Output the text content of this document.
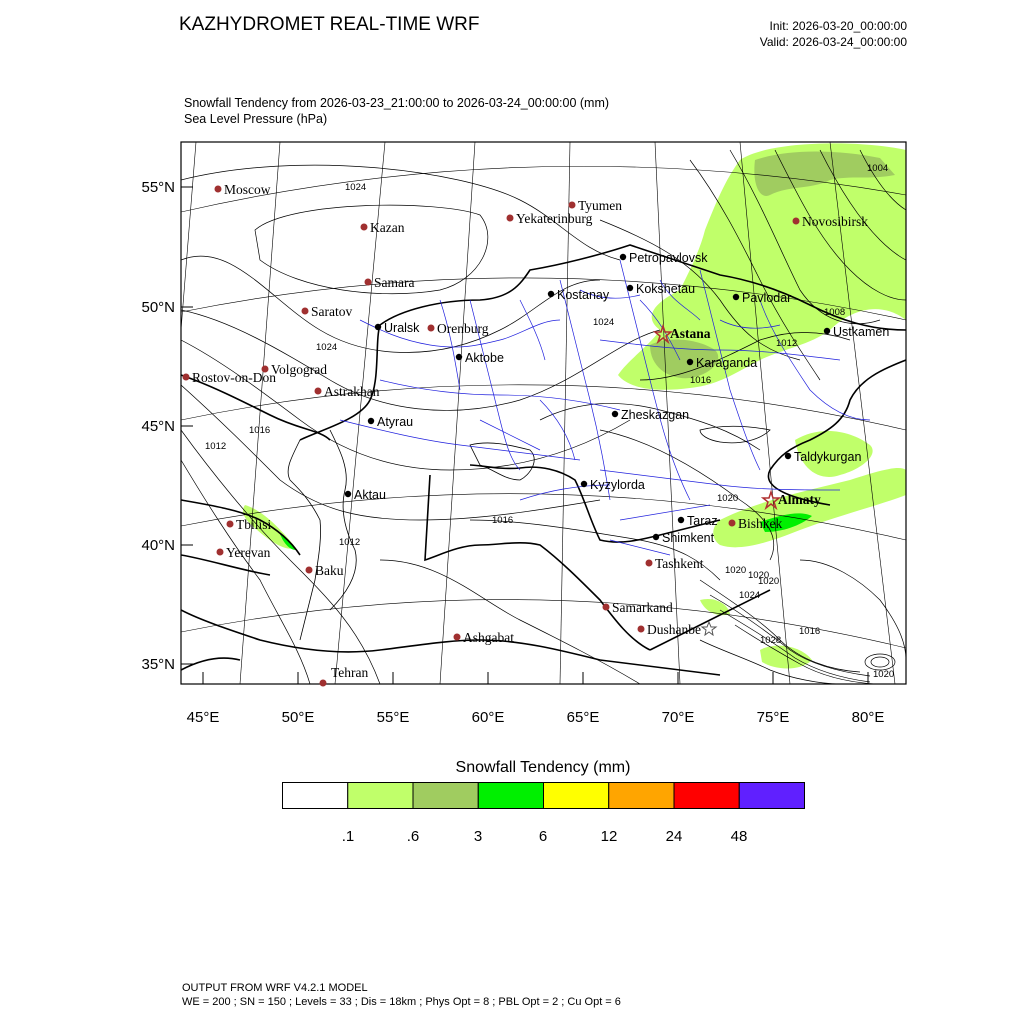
KAZHYDROMET REAL-TIME WRF	Init: 2026-03-20_00:00:00
Valid: 2026-03-24_00:00:00
Snowfall Tendency from 2026-03-23_21:00:00 to 2026-03-24_00:00:00 (mm)
Sea Level Pressure (hPa)
55°N
50°N
45°N
40°N
35°N
45°E	50°E	55°E	60°E	65°E	70°E	75°E	80°E
1024
1024
1024
1020
1016
1012
1016
1016
1012
1008
1012
1004
1020
1020
1020
1024
1028
1016
1020
Petropavlovsk
Kokshetau
Kostanay	Pavlodar
Uralsk
Aktobe	Karaganda
Ustkamen
Zheskazgan
Atyrau
Taldykurgan
Kyzylorda
Aktau
Taraz
Shimkent
Astana
Almaty
Moscow
Kazan
Tyumen
Yekaterinburg	Novosibirsk
Samara
Saratov
Orenburg
Volgograd
Rostov-on-Don
Astrakhan
Tbilisi
Yerevan
Baku
Bishkek
Tashkent
Samarkand
Dushanbe
Ashgabat
Tehran
Snowfall Tendency (mm)
.1	.6	3	6	12	24	48
OUTPUT FROM WRF V4.2.1 MODEL
WE = 200 ; SN = 150 ; Levels = 33 ; Dis = 18km ; Phys Opt = 8 ; PBL Opt = 2 ; Cu Opt = 6
